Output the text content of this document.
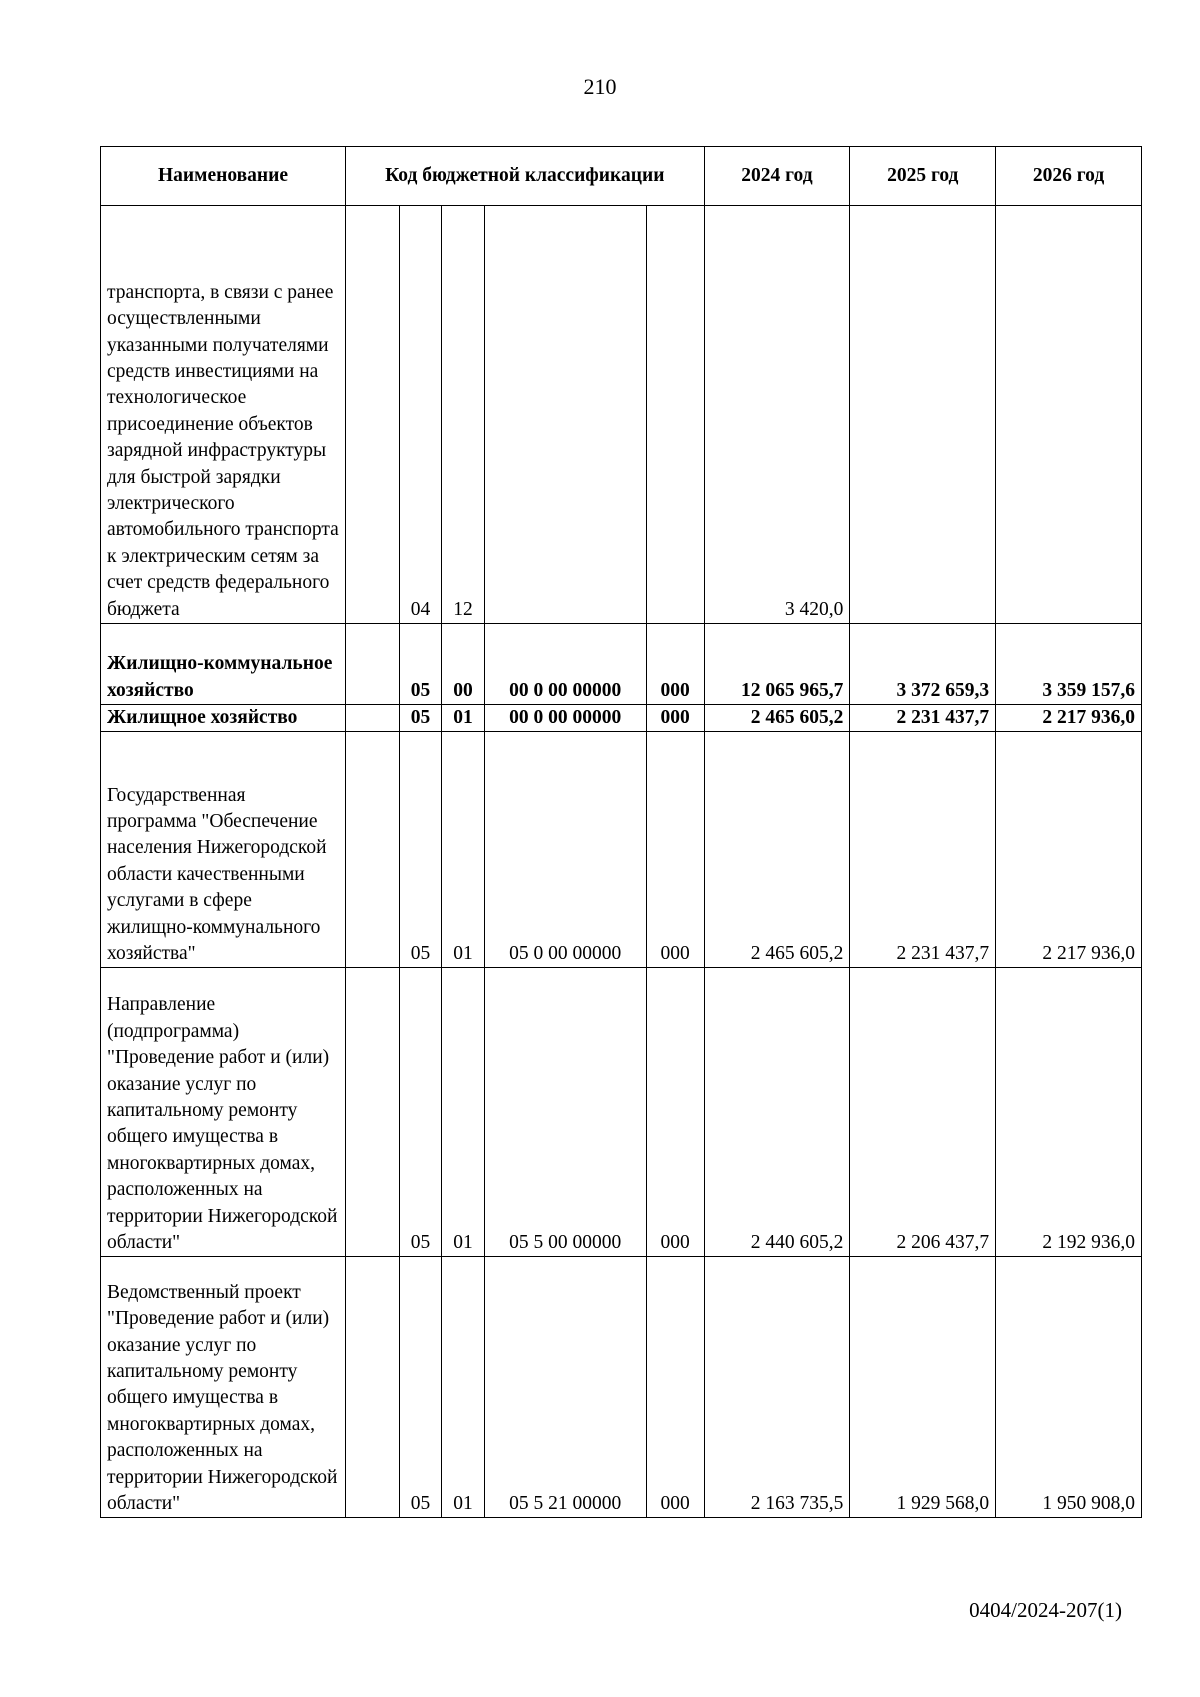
210
Наименование	Код бюджетной классификации					2024 год	2025 год	2026 год
транспорта, в связи с ранее осуществленными указанными получателями средств инвестициями на технологическое присоединение объектов зарядной инфраструктуры для быстрой зарядки электрического автомобильного транспорта к электрическим сетям за счет средств федерального бюджета		04	12			3 420,0		
Жилищно-коммунальное хозяйство		05	00	00 0 00 00000	000	12 065 965,7	3 372 659,3	3 359 157,6
Жилищное хозяйство		05	01	00 0 00 00000	000	2 465 605,2	2 231 437,7	2 217 936,0
Государственная программа "Обеспечение населения Нижегородской области качественными услугами в сфере жилищно-коммунального хозяйства"		05	01	05 0 00 00000	000	2 465 605,2	2 231 437,7	2 217 936,0
Направление (подпрограмма) "Проведение работ и (или) оказание услуг по капитальному ремонту общего имущества в многоквартирных домах, расположенных на территории Нижегородской области"		05	01	05 5 00 00000	000	2 440 605,2	2 206 437,7	2 192 936,0
Ведомственный проект "Проведение работ и (или) оказание услуг по капитальному ремонту общего имущества в многоквартирных домах, расположенных на территории Нижегородской области"		05	01	05 5 21 00000	000	2 163 735,5	1 929 568,0	1 950 908,0
0404/2024-207(1)
